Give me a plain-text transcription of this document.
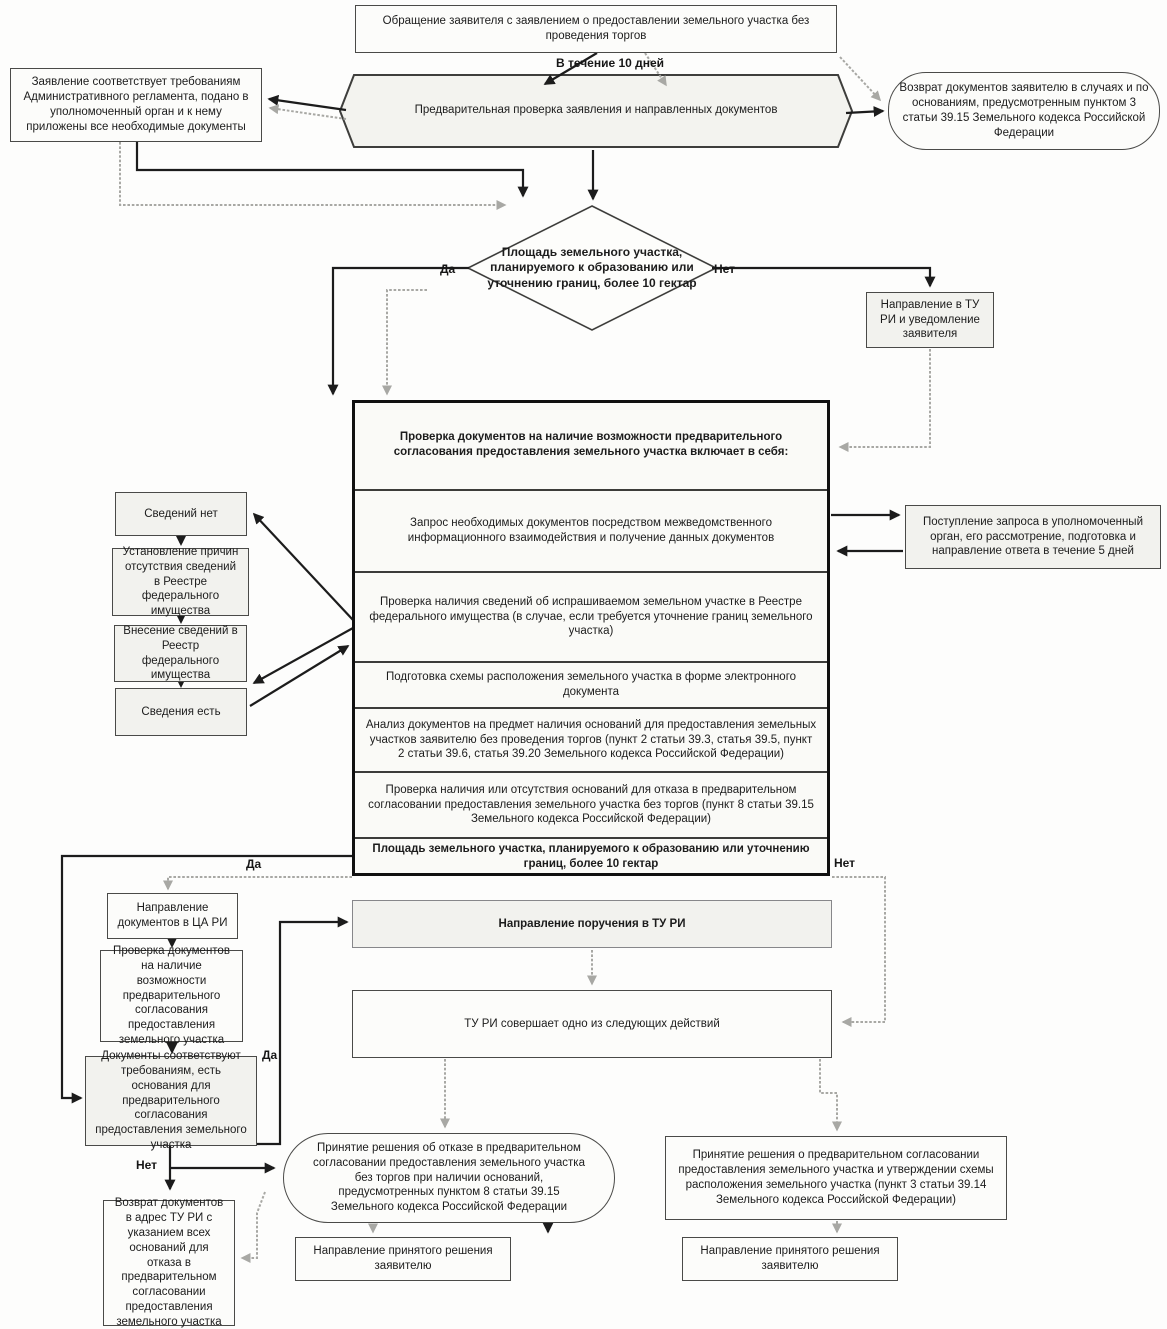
Обращение заявителя с заявлением о предоставлении земельного участка без проведения торгов
В течение 10 дней
Предварительная проверка заявления и направленных документов
Заявление соответствует требованиям Административного регламента, подано в уполномоченный орган и к нему приложены все необходимые документы
Возврат документов заявителю в случаях и по основаниям, предусмотренным пунктом 3 статьи 39.15 Земельного кодекса Российской Федерации
Площадь земельного участка, планируемого к образованию или уточнению границ, более 10 гектар
Да	Нет
Направление в ТУ РИ и уведомление заявителя
Проверка документов на наличие возможности предварительного согласования предоставления земельного участка включает в себя:
Запрос необходимых документов посредством межведомственного информационного взаимодействия и получение данных документов
Проверка наличия сведений об испрашиваемом земельном участке в Реестре федерального имущества (в случае, если требуется уточнение границ земельного участка)
Подготовка схемы расположения земельного участка в форме электронного документа
Анализ документов на предмет наличия оснований для предоставления земельных участков заявителю без проведения торгов (пункт 2 статьи 39.3, статья 39.5, пункт 2 статьи 39.6, статья 39.20 Земельного кодекса Российской Федерации)
Проверка наличия или отсутствия оснований для отказа в предварительном согласовании предоставления земельного участка без торгов (пункт 8 статьи 39.15 Земельного кодекса Российской Федерации)
Площадь земельного участка, планируемого к образованию или уточнению границ, более 10 гектар
Сведений нет
Установление причин отсутствия сведений в Реестре федерального имущества
Внесение сведений в Реестр федерального имущества
Сведения есть
Поступление запроса в уполномоченный орган, его рассмотрение, подготовка и направление ответа в течение 5 дней
Да	Нет
Направление документов в ЦА РИ
Проверка документов на наличие возможности предварительного согласования предоставления земельного участка
Документы соответствуют требованиям, есть основания для предварительного согласования предоставления земельного участка
Да
Нет
Возврат документов в адрес ТУ РИ с указанием всех оснований для отказа в предварительном согласовании предоставления земельного участка
Направление поручения в ТУ РИ
ТУ РИ совершает одно из следующих действий
Принятие решения об отказе в предварительном согласовании предоставления земельного участка без торгов при наличии оснований, предусмотренных пунктом 8 статьи 39.15 Земельного кодекса Российской Федерации
Принятие решения о предварительном согласовании предоставления земельного участка и утверждении схемы расположения земельного участка (пункт 3 статьи 39.14 Земельного кодекса Российской Федерации)
Направление принятого решения заявителю
Направление принятого решения заявителю
